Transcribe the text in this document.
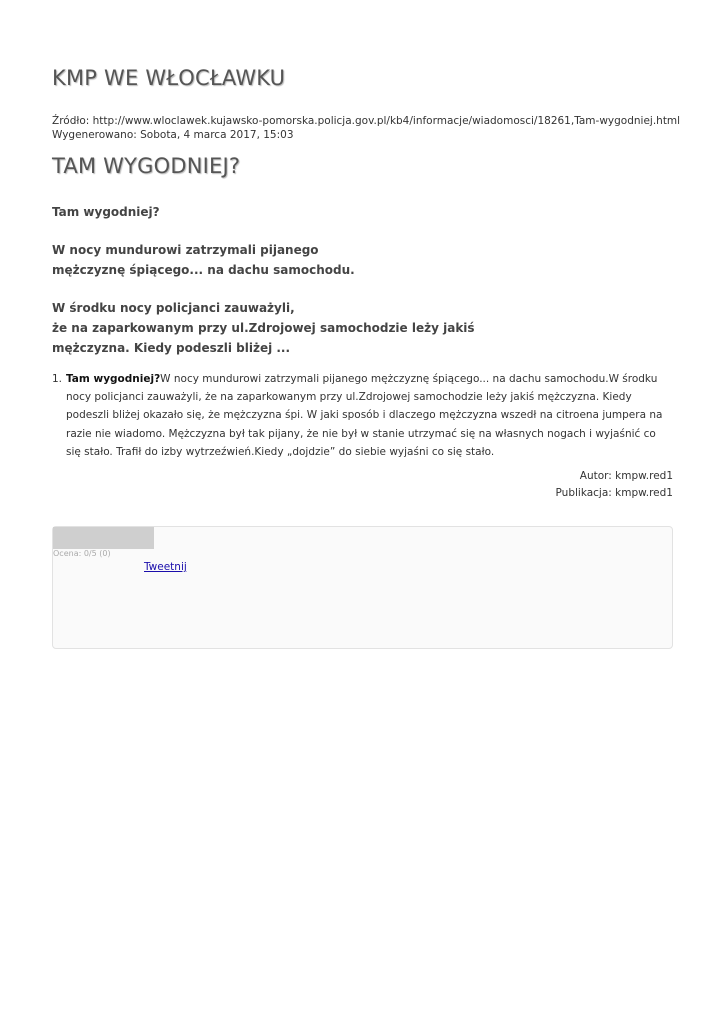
KMP WE WŁOCŁAWKU
Źródło: http://www.wloclawek.kujawsko-pomorska.policja.gov.pl/kb4/informacje/wiadomosci/18261,Tam-wygodniej.html
Wygenerowano: Sobota, 4 marca 2017, 15:03
TAM WYGODNIEJ?

Tam wygodniej?

W nocy mundurowi zatrzymali pijanego

mężczyznę śpiącego... na dachu samochodu.

W środku nocy policjanci zauważyli,

że na zaparkowanym przy ul.Zdrojowej samochodzie leży jakiś

mężczyzna. Kiedy podeszli bliżej ...

1. Tam wygodniej?W nocy mundurowi zatrzymali pijanego mężczyznę śpiącego... na dachu samochodu.W środku nocy policjanci zauważyli, że na zaparkowanym przy ul.Zdrojowej samochodzie leży jakiś mężczyzna. Kiedy podeszli bliżej okazało się, że mężczyzna śpi. W jaki sposób i dlaczego mężczyzna wszedł na citroena jumpera na razie nie wiadomo. Mężczyzna był tak pijany, że nie był w stanie utrzymać się na własnych nogach i wyjaśnić co się stało. Trafił do izby wytrzeźwień.Kiedy „dojdzie” do siebie wyjaśni co się stało.
Autor: kmpw.red1
Publikacja: kmpw.red1
Ocena: 0/5 (0)
Tweetnij
